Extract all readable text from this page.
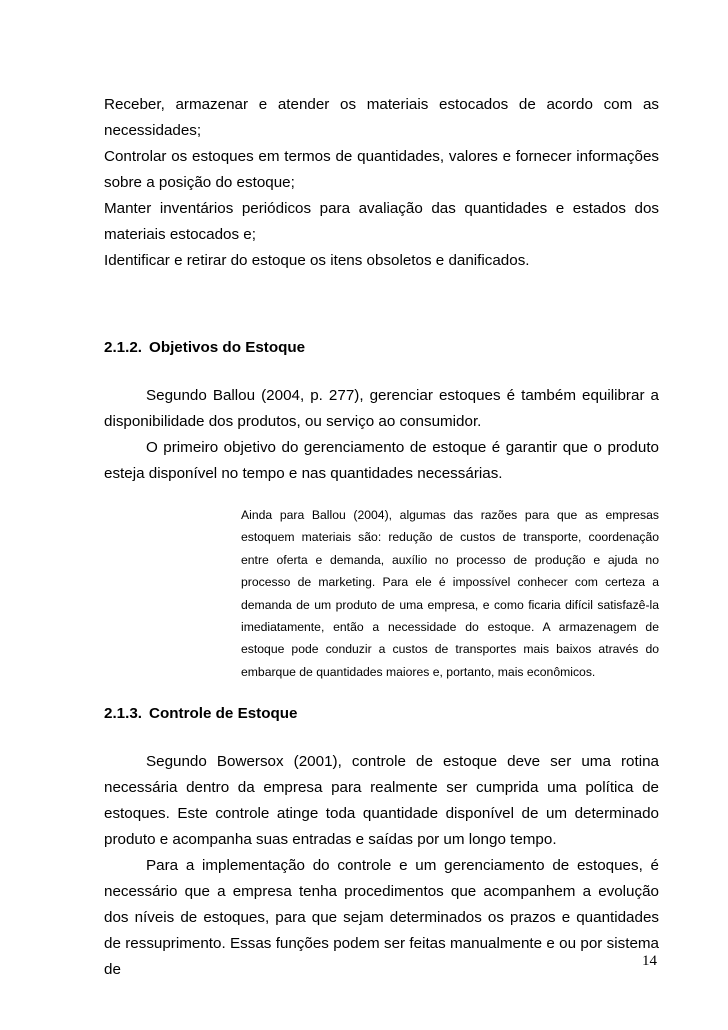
Receber, armazenar e atender os materiais estocados de acordo com as necessidades;

Controlar os estoques em termos de quantidades, valores e fornecer informações sobre a posição do estoque;

Manter inventários periódicos para avaliação das quantidades e estados dos materiais estocados e;

Identificar e retirar do estoque os itens obsoletos e danificados.

2.1.2. Objetivos do Estoque

Segundo Ballou (2004, p. 277), gerenciar estoques é também equilibrar a disponibilidade dos produtos, ou serviço ao consumidor.

O primeiro objetivo do gerenciamento de estoque é garantir que o produto esteja disponível no tempo e nas quantidades necessárias.

Ainda para Ballou (2004), algumas das razões para que as empresas estoquem materiais são: redução de custos de transporte, coordenação entre oferta e demanda, auxílio no processo de produção e ajuda no processo de marketing. Para ele é impossível conhecer com certeza a demanda de um produto de uma empresa, e como ficaria difícil satisfazê-la imediatamente, então a necessidade do estoque. A armazenagem de estoque pode conduzir a custos de transportes mais baixos através do embarque de quantidades maiores e, portanto, mais econômicos.

2.1.3. Controle de Estoque

Segundo Bowersox (2001), controle de estoque deve ser uma rotina necessária dentro da empresa para realmente ser cumprida uma política de estoques. Este controle atinge toda quantidade disponível de um determinado produto e acompanha suas entradas e saídas por um longo tempo.

Para a implementação do controle e um gerenciamento de estoques, é necessário que a empresa tenha procedimentos que acompanhem a evolução dos níveis de estoques, para que sejam determinados os prazos e quantidades de ressuprimento. Essas funções podem ser feitas manualmente e ou por sistema de

14
